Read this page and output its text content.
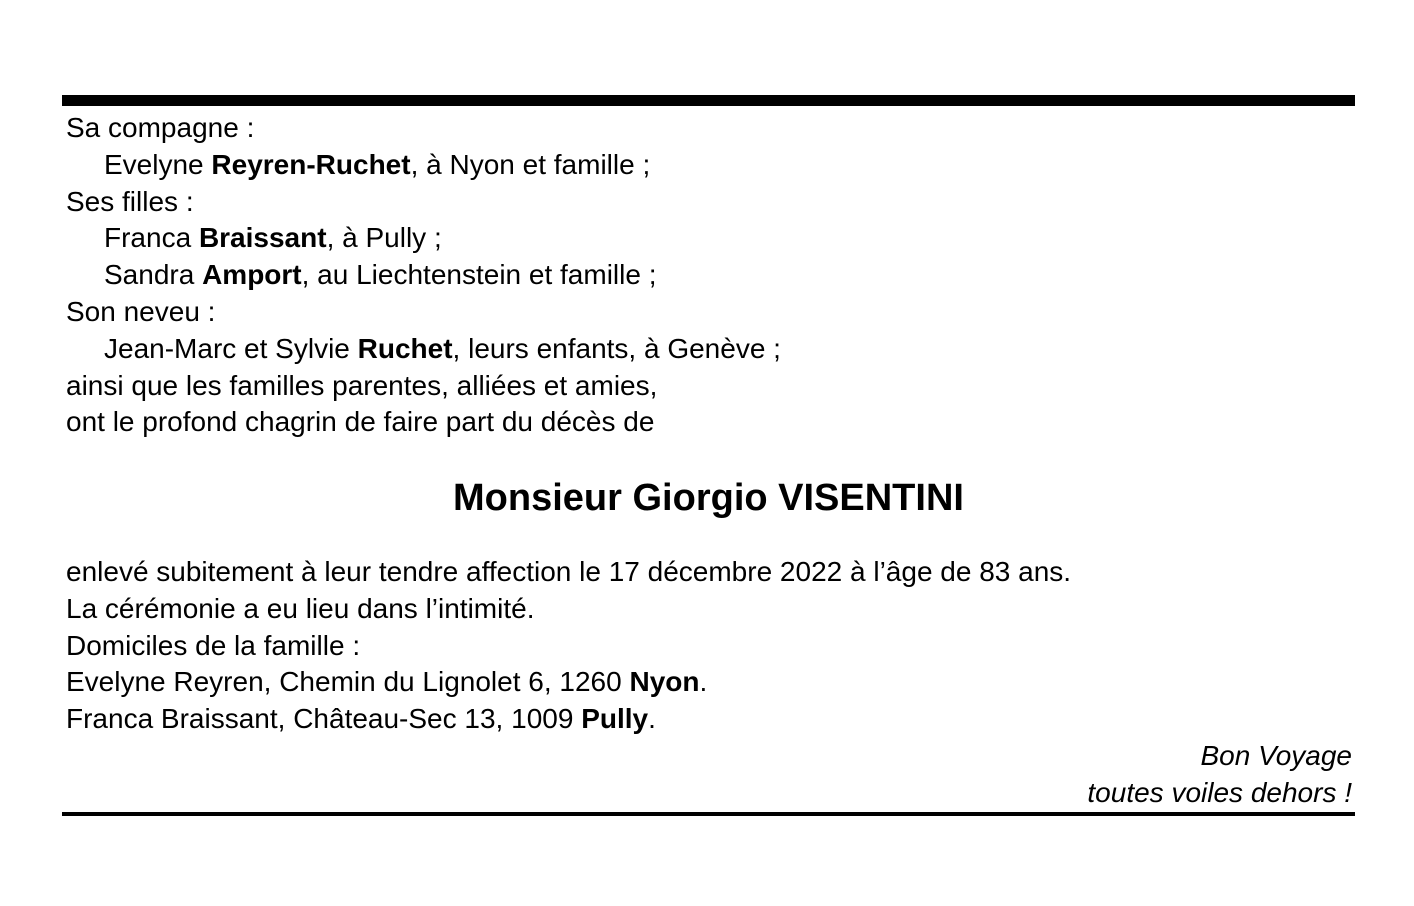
Sa compagne :
Evelyne Reyren-Ruchet, à Nyon et famille ;
Ses filles :
Franca Braissant, à Pully ;
Sandra Amport, au Liechtenstein et famille ;
Son neveu :
Jean-Marc et Sylvie Ruchet, leurs enfants, à Genève ;
ainsi que les familles parentes, alliées et amies,
ont le profond chagrin de faire part du décès de
Monsieur Giorgio VISENTINI
enlevé subitement à leur tendre affection le 17 décembre 2022 à l’âge de 83 ans.
La cérémonie a eu lieu dans l’intimité.
Domiciles de la famille :
Evelyne Reyren, Chemin du Lignolet 6, 1260 Nyon.
Franca Braissant, Château-Sec 13, 1009 Pully.
Bon Voyage
toutes voiles dehors !
